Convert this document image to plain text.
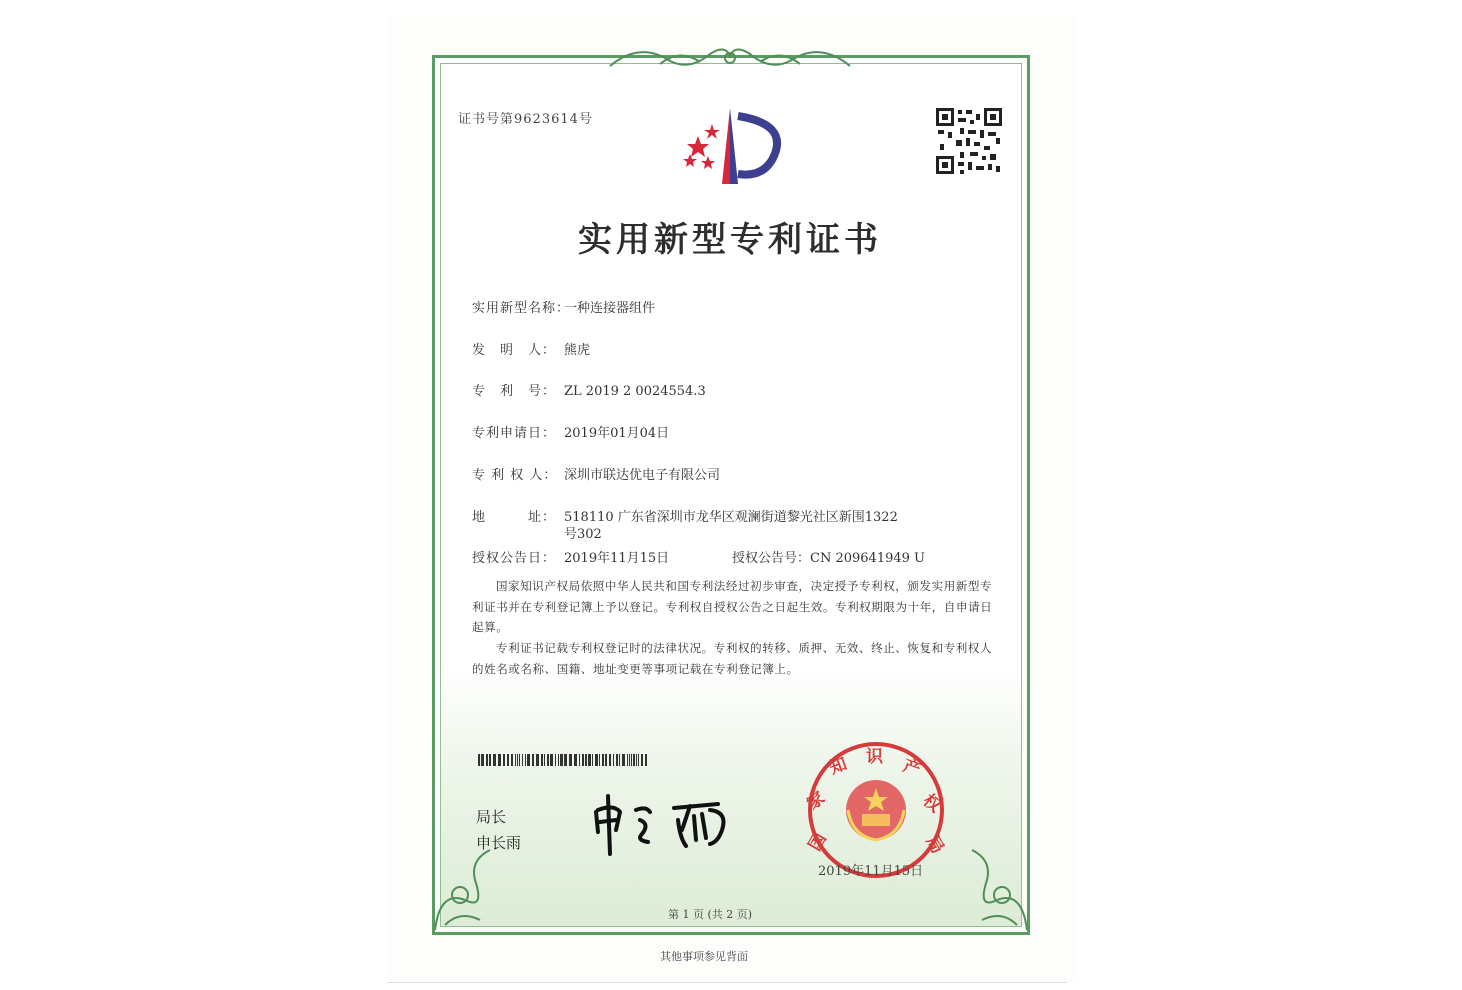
证书号第9623614号
实用新型专利证书
实用新型名称：一种连接器组件
发　明　人： 熊虎
专　利　号： ZL 2019 2 0024554.3
专利申请日： 2019年01月04日
专 利 权 人： 深圳市联达优电子有限公司
地　　　址： 518110 广东省深圳市龙华区观澜街道黎光社区新围1322
号302
授权公告日： 2019年11月15日	授权公告号：CN 209641949 U
国家知识产权局依照中华人民共和国专利法经过初步审查，决定授予专利权，颁发实用新型专利证书并在专利登记簿上予以登记。专利权自授权公告之日起生效。专利权期限为十年，自申请日起算。
专利证书记载专利权登记时的法律状况。专利权的转移、质押、无效、终止、恢复和专利权人的姓名或名称、国籍、地址变更等事项记载在专利登记簿上。
局长
申长雨	国
家
知 识 产
权
局
2019年11月15日
第 1 页 (共 2 页)
其他事项参见背面
